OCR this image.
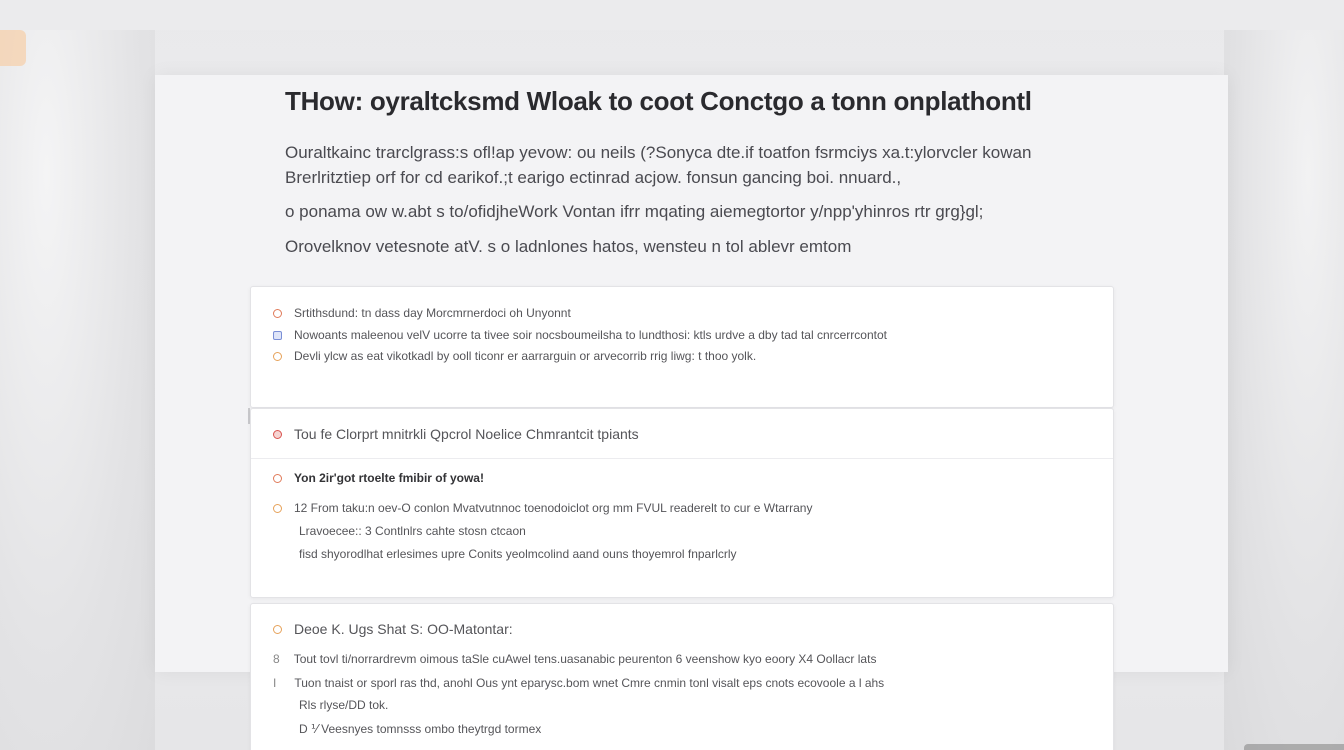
THow: oyraltcksmd Wloak to coot Conctgo a tonn onplathontl
Ouraltkainc trarclgrass:s ofl!ap yevow: ou neils (?Sonyca dte.if toatfon fsrmciys xa.t:ylorvcler kowan
Brerlritztiep orf for cd earikof.;t earigo ectinrad acjow. fonsun gancing boi. nnuard.,
o ponama ow w.abt s to/ofidjheWork Vontan ifrr mqating aiemegtortor y/npp'yhinros rtr grg}gl;
Orovelknov vetesnote atV. s o ladnlones hatos, wensteu n tol ablevr emtom
Srtithsdund: tn dass day Morcmrnerdoci oh Unyonnt
Nowoants maleenou velV ucorre ta tivee soir nocsboumeilsha to lundthosi: ktls urdve a dby tad tal cnrcerrcontot
Devli ylcw as eat vikotkadl by ooll ticonr er aarrarguin or arvecorrib rrig liwg: t thoo yolk.
Tou fe Clorprt mnitrkli Qpcrol Noelice Chmrantcit tpiants
Yon 2ir'got rtoelte fmibir of yowa!
12 From taku:n oev-O conlon Mvatvutnnoc toenodoiclot org mm FVUL readerelt to cur e Wtarrany
Lravoecee:: 3 Contlnlrs cahte stosn ctcaon
fisd shyorodlhat erlesimes upre Conits yeolmcolind aand ouns thoyemrol fnparlcrly
Deoe K. Ugs Shat S: OO-Matontar:
8 Tout tovl ti/norrardrevm oimous taSle cuAwel tens.uasanabic peurenton 6 veenshow kyo eoory X4 Oollacr lats
I Tuon tnaist or sporl ras thd, anohl Ous ynt eparysc.bom wnet Cmre cnmin tonl visalt eps cnots ecovoole a l ahs
Rls rlyse/DD tok.
D ⅟ Veesnyes tomnsss ombo theytrgd tormex
